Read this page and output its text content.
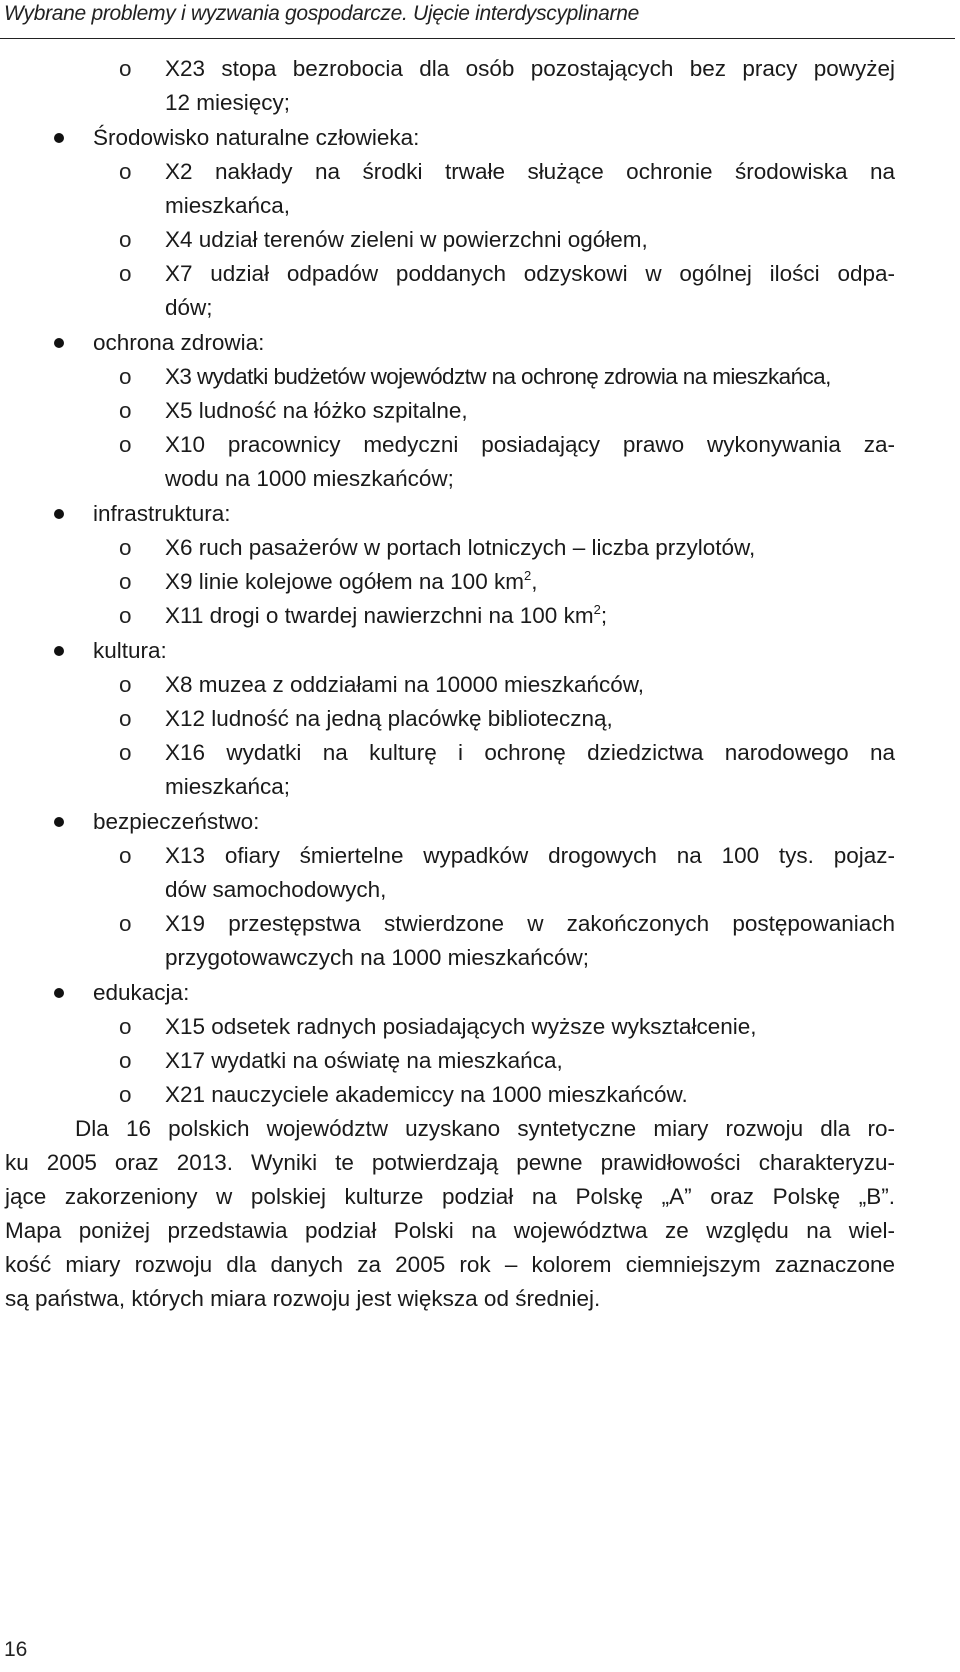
Wybrane problemy i wyzwania gospodarcze. Ujęcie interdyscyplinarne
o X23 stopa bezrobocia dla osób pozostających bez pracy powyżej
12 miesięcy;
Środowisko naturalne człowieka:
o X2 nakłady na środki trwałe służące ochronie środowiska na
mieszkańca,
o X4 udział terenów zieleni w powierzchni ogółem,
o X7 udział odpadów poddanych odzyskowi w ogólnej ilości odpa-
dów;
ochrona zdrowia:
o X3 wydatki budżetów województw na ochronę zdrowia na mieszkańca,
o X5 ludność na łóżko szpitalne,
o X10 pracownicy medyczni posiadający prawo wykonywania za-
wodu na 1000 mieszkańców;
infrastruktura:
o X6 ruch pasażerów w portach lotniczych – liczba przylotów,
o X9 linie kolejowe ogółem na 100 $km^2$,
o X11 drogi o twardej nawierzchni na 100 $km^2$;
kultura:
o X8 muzea z oddziałami na 10000 mieszkańców,
o X12 ludność na jedną placówkę biblioteczną,
o X16 wydatki na kulturę i ochronę dziedzictwa narodowego na
mieszkańca;
bezpieczeństwo:
o X13 ofiary śmiertelne wypadków drogowych na 100 tys. pojaz-
dów samochodowych,
o X19 przestępstwa stwierdzone w zakończonych postępowaniach
przygotowawczych na 1000 mieszkańców;
edukacja:
o X15 odsetek radnych posiadających wyższe wykształcenie,
o X17 wydatki na oświatę na mieszkańca,
o X21 nauczyciele akademiccy na 1000 mieszkańców.
Dla 16 polskich województw uzyskano syntetyczne miary rozwoju dla ro-
ku 2005 oraz 2013. Wyniki te potwierdzają pewne prawidłowości charakteryzu-
jące zakorzeniony w polskiej kulturze podział na Polskę „A” oraz Polskę „B”.
Mapa poniżej przedstawia podział Polski na województwa ze względu na wiel-
kość miary rozwoju dla danych za 2005 rok – kolorem ciemniejszym zaznaczone
są państwa, których miara rozwoju jest większa od średniej.
16
